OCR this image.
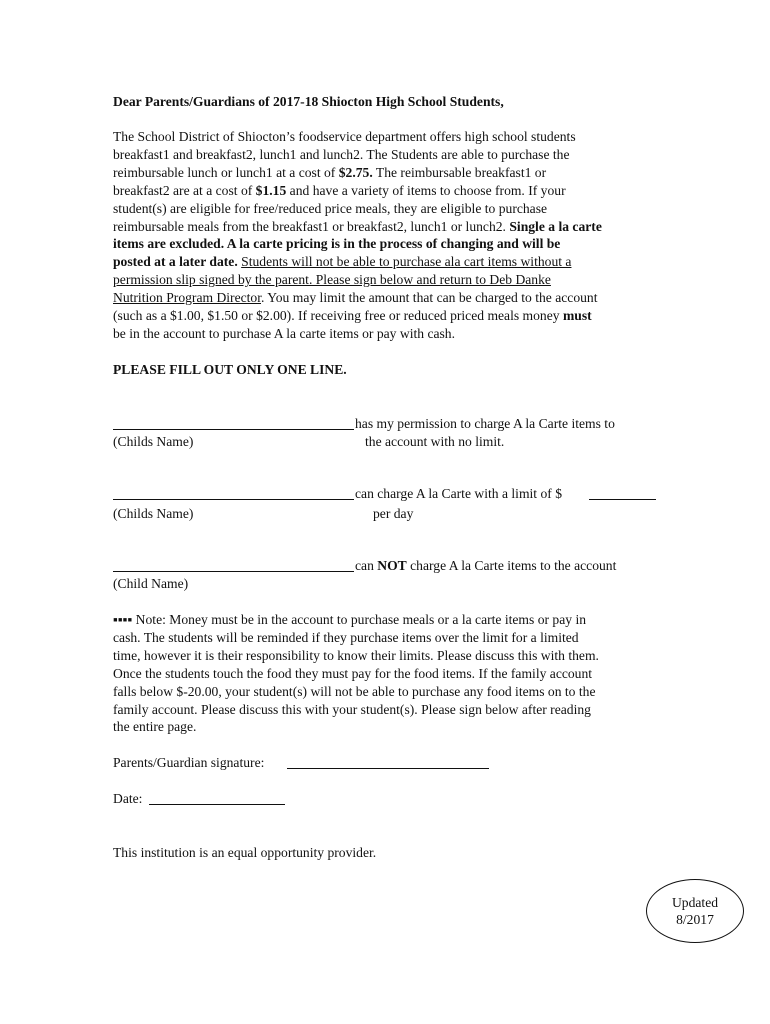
Dear Parents/Guardians of 2017-18 Shiocton High School Students,
The School District of Shiocton’s foodservice department offers high school students
breakfast1 and breakfast2, lunch1 and lunch2. The Students are able to purchase the
reimbursable lunch or lunch1 at a cost of $2.75. The reimbursable breakfast1 or
breakfast2 are at a cost of $1.15 and have a variety of items to choose from. If your
student(s) are eligible for free/reduced price meals, they are eligible to purchase
reimbursable meals from the breakfast1 or breakfast2, lunch1 or lunch2. Single a la carte
items are excluded. A la carte pricing is in the process of changing and will be
posted at a later date. Students will not be able to purchase ala cart items without a
permission slip signed by the parent. Please sign below and return to Deb Danke
Nutrition Program Director. You may limit the amount that can be charged to the account
(such as a $1.00, $1.50 or $2.00). If receiving free or reduced priced meals money must
be in the account to purchase A la carte items or pay with cash.
PLEASE FILL OUT ONLY ONE LINE.
has my permission to charge A la Carte items to
(Childs Name)	the account with no limit.
can charge A la Carte with a limit of $
(Childs Name)	per day
can NOT charge A la Carte items to the account
(Child Name)
▪▪▪▪ Note: Money must be in the account to purchase meals or a la carte items or pay in
cash. The students will be reminded if they purchase items over the limit for a limited
time, however it is their responsibility to know their limits. Please discuss this with them.
Once the students touch the food they must pay for the food items. If the family account
falls below $-20.00, your student(s) will not be able to purchase any food items on to the
family account. Please discuss this with your student(s). Please sign below after reading
the entire page.
Parents/Guardian signature:
Date:
This institution is an equal opportunity provider.
Updated
8/2017
